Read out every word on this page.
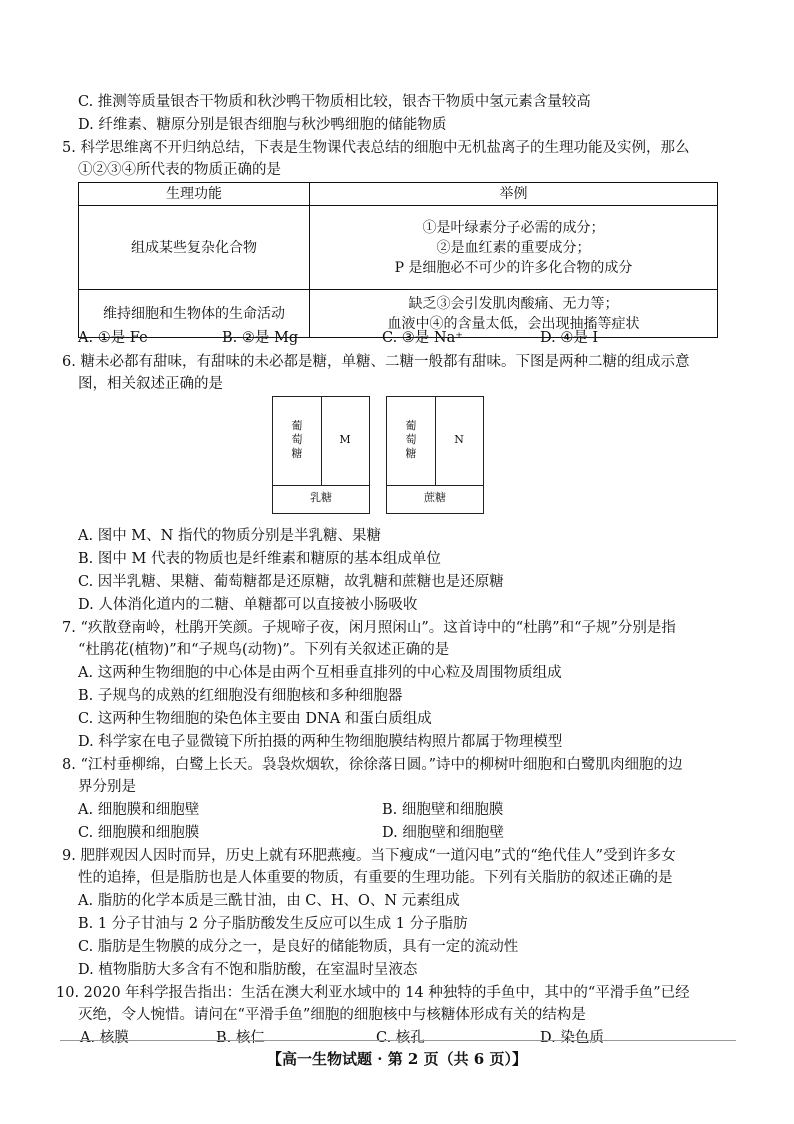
C. 推测等质量银杏干物质和秋沙鸭干物质相比较，银杏干物质中氢元素含量较高
D. 纤维素、糖原分别是银杏细胞与秋沙鸭细胞的储能物质
5. 科学思维离不开归纳总结，下表是生物课代表总结的细胞中无机盐离子的生理功能及实例，那么
①②③④所代表的物质正确的是
生理功能	举例
组成某些复杂化合物	①是叶绿素分子必需的成分；
②是血红素的重要成分；
P 是细胞必不可少的许多化合物的成分

维持细胞和生物体的生命活动	缺乏③会引发肌肉酸痛、无力等；
血液中④的含量太低，会出现抽搐等症状
A. ①是 Fe	B. ②是 Mg	C. ③是 Na⁺	D. ④是 I
6. 糖未必都有甜味，有甜味的未必都是糖，单糖、二糖一般都有甜味。下图是两种二糖的组成示意
图，相关叙述正确的是
葡萄糖
M
乳糖
葡萄糖
N
蔗糖
A. 图中 M、N 指代的物质分别是半乳糖、果糖
B. 图中 M 代表的物质也是纤维素和糖原的基本组成单位
C. 因半乳糖、果糖、葡萄糖都是还原糖，故乳糖和蔗糖也是还原糖
D. 人体消化道内的二糖、单糖都可以直接被小肠吸收
7. “疚散登南岭，杜鹃开笑颜。子规啼子夜，闲月照闲山”。这首诗中的“杜鹃”和“子规”分别是指
“杜鹃花(植物)”和“子规鸟(动物)”。下列有关叙述正确的是
A. 这两种生物细胞的中心体是由两个互相垂直排列的中心粒及周围物质组成
B. 子规鸟的成熟的红细胞没有细胞核和多种细胞器
C. 这两种生物细胞的染色体主要由 DNA 和蛋白质组成
D. 科学家在电子显微镜下所拍摄的两种生物细胞膜结构照片都属于物理模型
8. “江村垂柳绵，白鹭上长天。袅袅炊烟软，徐徐落日圆。”诗中的柳树叶细胞和白鹭肌肉细胞的边
界分别是
A. 细胞膜和细胞壁	B. 细胞壁和细胞膜
C. 细胞膜和细胞膜	D. 细胞壁和细胞壁
9. 肥胖观因人因时而异，历史上就有环肥燕瘦。当下瘦成“一道闪电”式的“绝代佳人”受到许多女
性的追捧，但是脂肪也是人体重要的物质，有重要的生理功能。下列有关脂肪的叙述正确的是
A. 脂肪的化学本质是三酰甘油，由 C、H、O、N 元素组成
B. 1 分子甘油与 2 分子脂肪酸发生反应可以生成 1 分子脂肪
C. 脂肪是生物膜的成分之一，是良好的储能物质，具有一定的流动性
D. 植物脂肪大多含有不饱和脂肪酸，在室温时呈液态
10. 2020 年科学报告指出：生活在澳大利亚水域中的 14 种独特的手鱼中，其中的“平滑手鱼”已经
灭绝，令人惋惜。请问在“平滑手鱼”细胞的细胞核中与核糖体形成有关的结构是
A. 核膜	B. 核仁	C. 核孔	D. 染色质
【高一生物试题 · 第 2 页（共 6 页）】
